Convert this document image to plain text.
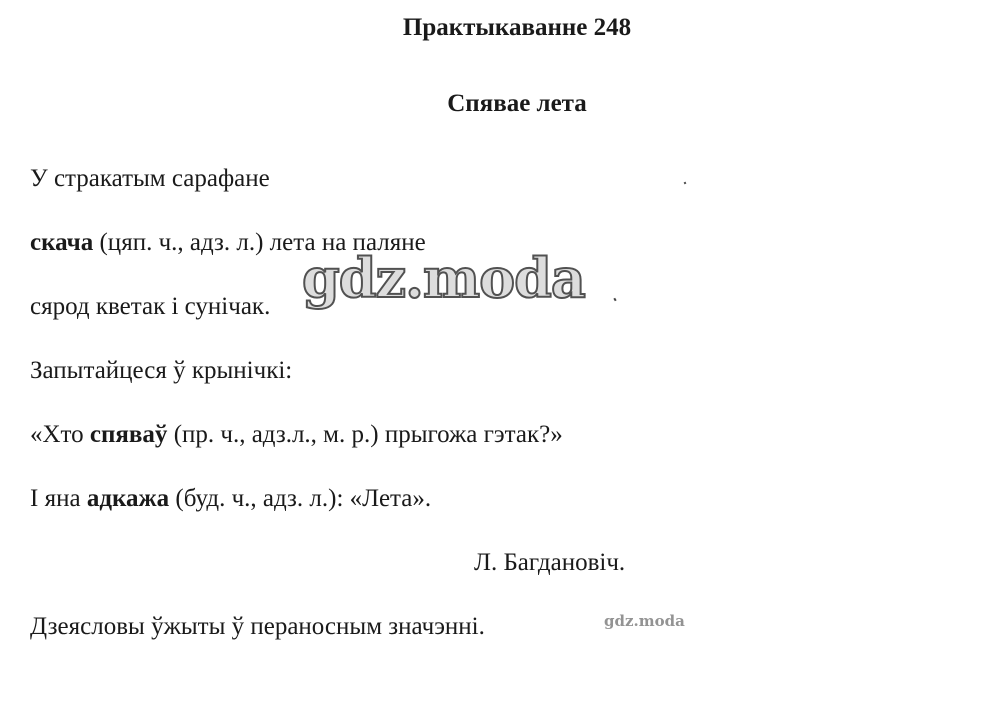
Практыкаванне 248
Спявае лета

У стракатым сарафане

скача (цяп. ч., адз. л.) лета на паляне

сярод кветак і сунічак.

Запытайцеся ў крынічкі:

«Хто спяваў (пр. ч., адз.л., м. р.) прыгожа гэтак?»

І яна адкажа (буд. ч., адз. л.): «Лета».

Л. Багдановіч.

Дзеясловы ўжыты ў пераносным значэнні.

gdz.moda
gdz.moda
